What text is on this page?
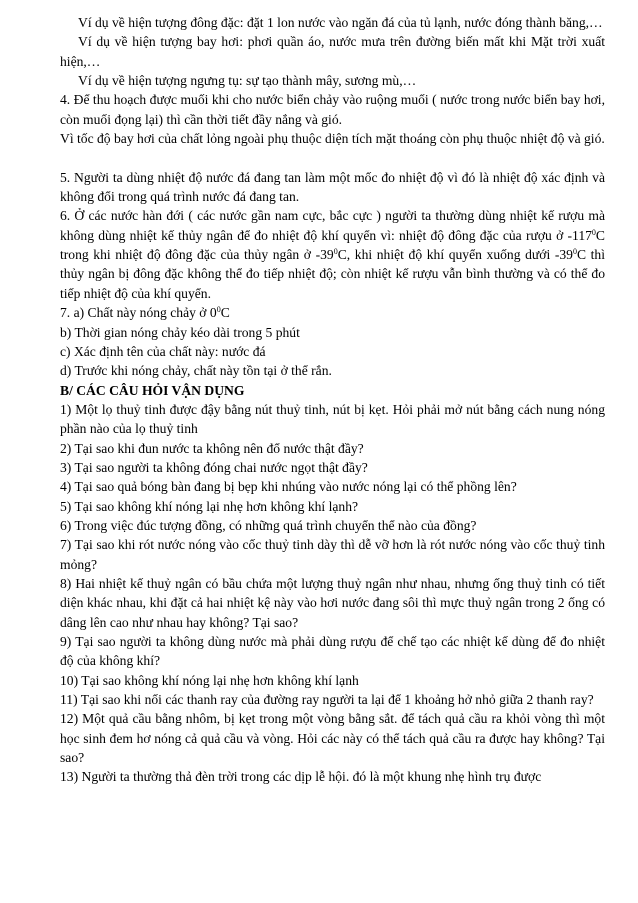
Ví dụ về hiện tượng đông đặc: đặt 1 lon nước vào ngăn đá của tủ lạnh, nước đóng thành băng,…

Ví dụ về hiện tượng bay hơi: phơi quần áo, nước mưa trên đường biến mất khi Mặt trời xuất hiện,…

Ví dụ về hiện tượng ngưng tụ: sự tạo thành mây, sương mù,…

4. Để thu hoạch được muối khi cho nước biển chảy vào ruộng muối ( nước trong nước biển bay hơi, còn muối đọng lại) thì cần thời tiết đầy nắng và gió.

Vì tốc độ bay hơi của chất lỏng ngoài phụ thuộc diện tích mặt thoáng còn phụ thuộc nhiệt độ và gió.

5. Người ta dùng nhiệt độ nước đá đang tan làm một mốc đo nhiệt độ vì đó là nhiệt độ xác định và không đổi trong quá trình nước đá đang tan.

6. Ở các nước hàn đới ( các nước gần nam cực, bắc cực ) người ta thường dùng nhiệt kế rượu mà không dùng nhiệt kế thủy ngân để đo nhiệt độ khí quyển vì: nhiệt độ đông đặc của rượu ở $-117^0C$ trong khi nhiệt độ đông đặc của thủy ngân ở $-39^0C$, khi nhiệt độ khí quyển xuống dưới $-39^0C$ thì thủy ngân bị đông đặc không thể đo tiếp nhiệt độ; còn nhiệt kế rượu vẫn bình thường và có thể đo tiếp nhiệt độ của khí quyển.

7. a) Chất này nóng chảy ở $0^0C$

b) Thời gian nóng chảy kéo dài trong 5 phút

c) Xác định tên của chất này: nước đá

d) Trước khi nóng chảy, chất này tồn tại ở thể rắn.

B/ CÁC CÂU HỎI VẬN DỤNG

1) Một lọ thuỷ tinh được đậy bằng nút thuỷ tinh, nút bị kẹt. Hỏi phải mở nút bằng cách nung nóng phần nào của lọ thuỷ tinh

2) Tại sao khi đun nước ta không nên đổ nước thật đầy?

3) Tại sao người ta không đóng chai nước ngọt thật đầy?

4) Tại sao quả bóng bàn đang bị bẹp khi nhúng vào nước nóng lại có thể phồng lên?

5) Tại sao không khí nóng lại nhẹ hơn không khí lạnh?

6) Trong việc đúc tượng đồng, có những quá trình chuyển thể nào của đồng?

7) Tại sao khi rót nước nóng vào cốc thuỷ tinh dày thì dễ vỡ hơn là rót nước nóng vào cốc thuỷ tinh mỏng?

8) Hai nhiệt kế thuỷ ngân có bầu chứa một lượng thuỷ ngân như nhau, nhưng ống thuỷ tinh có tiết diện khác nhau, khi đặt cả hai nhiệt kệ này vào hơi nước đang sôi thì mực thuỷ ngân trong 2 ống có dâng lên cao như nhau hay không? Tại sao?

9) Tại sao người ta không dùng nước mà phải dùng rượu để chế tạo các nhiệt kế dùng để đo nhiệt độ của không khí?

10) Tại sao không khí nóng lại nhẹ hơn không khí lạnh

11) Tại sao khi nối các thanh ray của đường ray người ta lại để 1 khoảng hở nhỏ giữa 2 thanh ray?

12) Một quả cầu bằng nhôm, bị kẹt trong một vòng bằng sắt. để tách quả cầu ra khỏi vòng thì một học sinh đem hơ nóng cả quả cầu và vòng. Hỏi các này có thể tách quả cầu ra được hay không? Tại sao?

13) Người ta thường thả đèn trời trong các dịp lễ hội. đó là một khung nhẹ hình trụ được
